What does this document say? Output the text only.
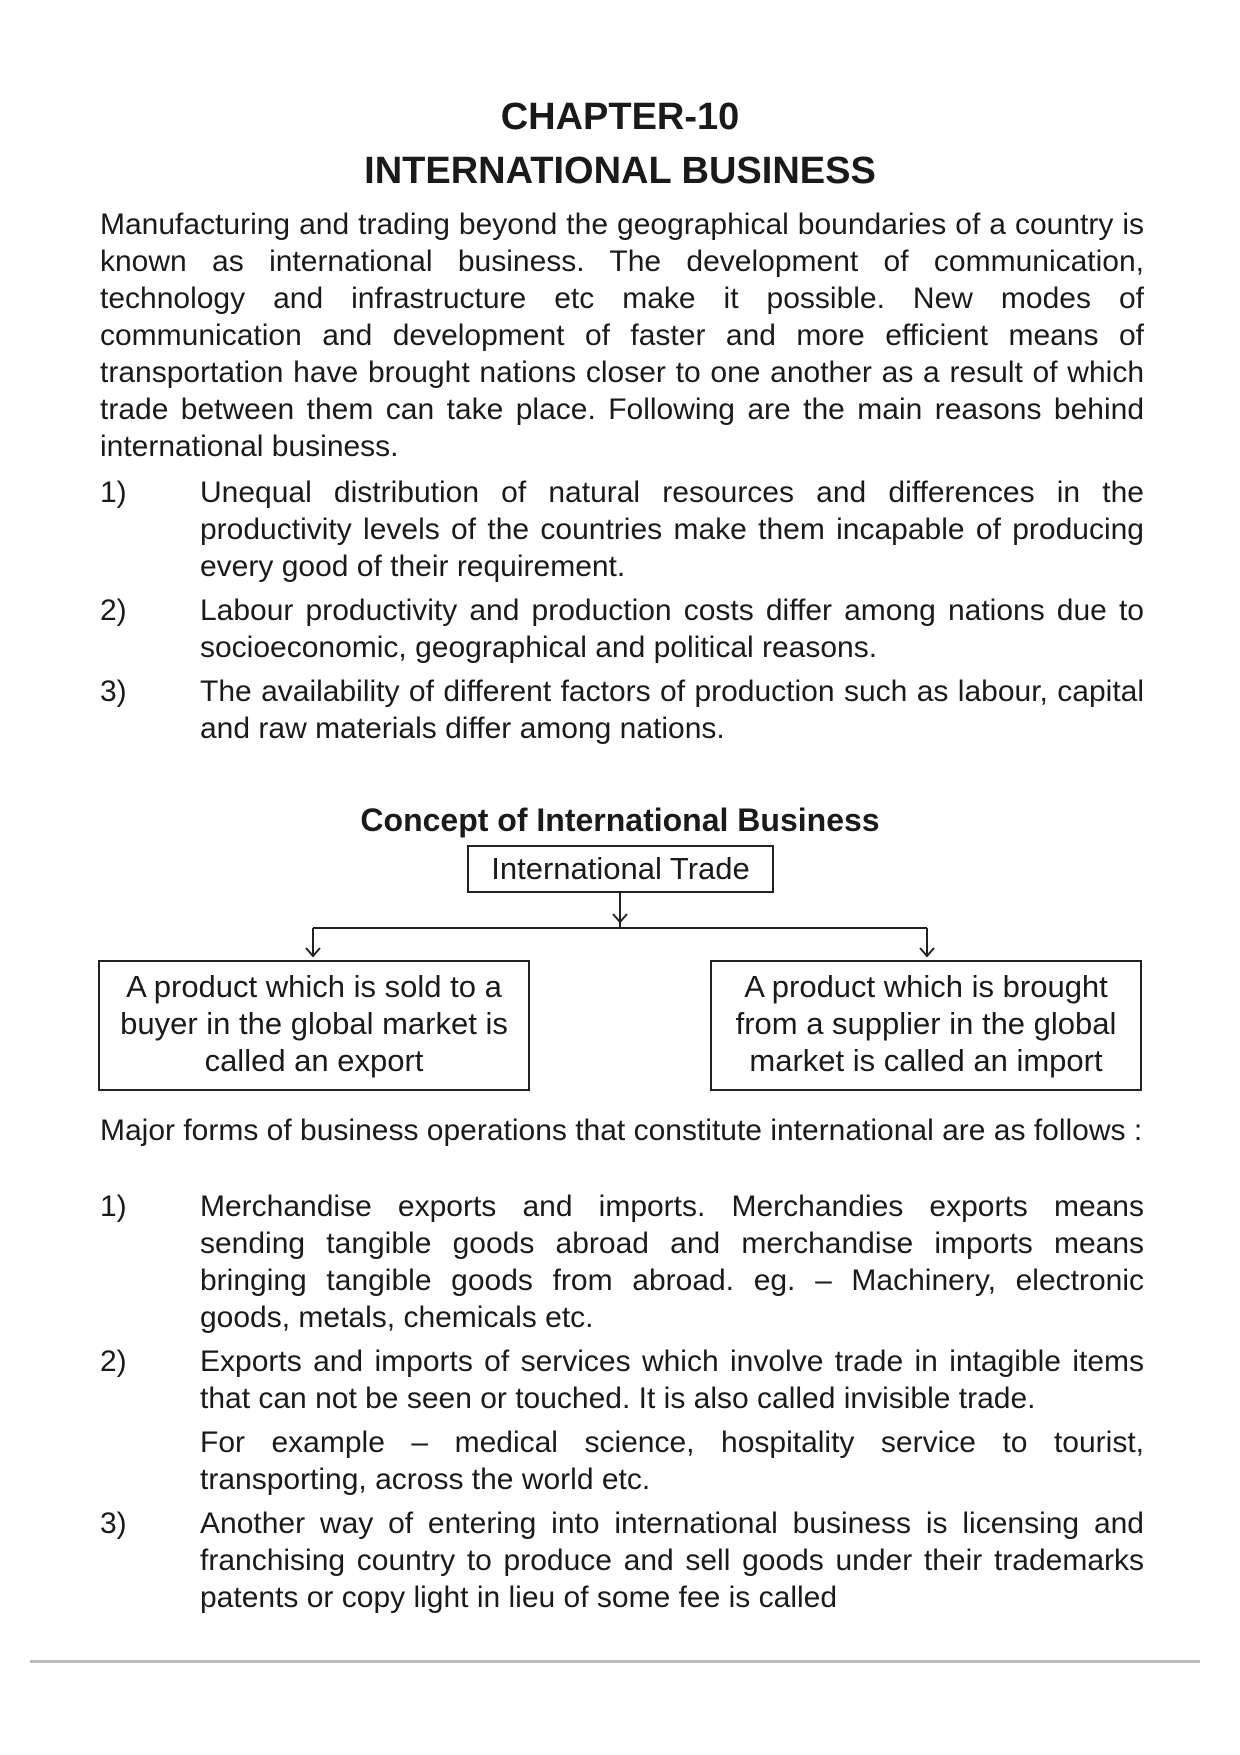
CHAPTER-10
INTERNATIONAL BUSINESS

Manufacturing and trading beyond the geographical boundaries of a country is known as international business. The development of communication, technology and infrastructure etc make it possible. New modes of communication and development of faster and more efficient means of transportation have brought nations closer to one another as a result of which trade between them can take place. Following are the main reasons behind international business.

1)	Unequal distribution of natural resources and differences in the productivity levels of the countries make them incapable of producing every good of their requirement.

2)	Labour productivity and production costs differ among nations due to socioeconomic, geographical and political reasons.

3)	The availability of different factors of production such as labour, capital and raw materials differ among nations.

Concept of International Business
International Trade
A product which is sold to a buyer in the global market is called an export
A product which is brought from a supplier in the global market is called an import

Major forms of business operations that constitute international are as follows :

1)	Merchandise exports and imports. Merchandies exports means sending tangible goods abroad and merchandise imports means bringing tangible goods from abroad. eg. – Machinery, electronic goods, metals, chemicals etc.

2)	Exports and imports of services which involve trade in intagible items that can not be seen or touched. It is also called invisible trade.

For example – medical science, hospitality service to tourist, transporting, across the world etc.

3)	Another way of entering into international business is licensing and franchising country to produce and sell goods under their trademarks patents or copy light in lieu of some fee is called
